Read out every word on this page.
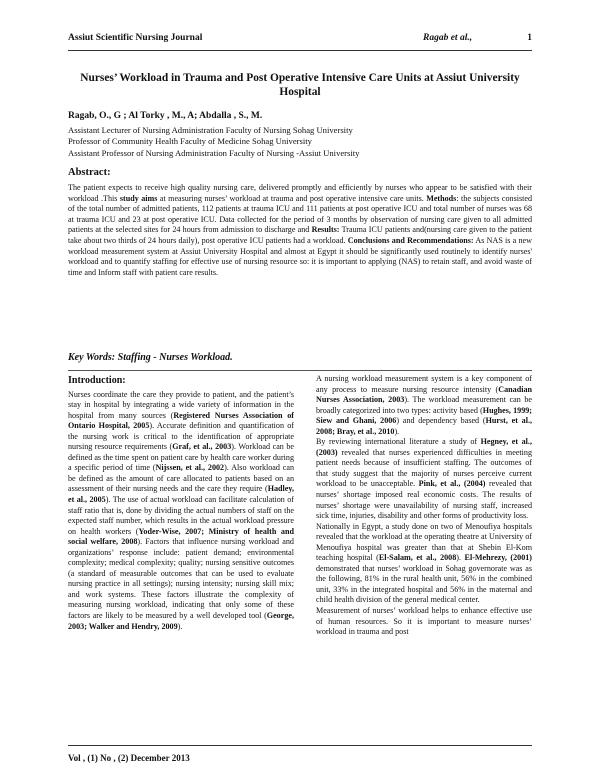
Assiut Scientific Nursing Journal	Ragab et al.,	1
Nurses’ Workload in Trauma and Post Operative Intensive Care Units at Assiut University Hospital
Ragab, O., G ; Al Torky , M., A; Abdalla , S., M.
Assistant Lecturer of Nursing Administration Faculty of Nursing Sohag University
Professor of Community Health Faculty of Medicine Sohag University
Assistant Professor of Nursing Administration Faculty of Nursing -Assiut University
Abstract:
The patient expects to receive high quality nursing care, delivered promptly and efficiently by nurses who appear to be satisfied with their workload .This study aims at measuring nurses’ workload at trauma and post operative intensive care units. Methods: the subjects consisted of the total number of admitted patients, 112 patients at trauma ICU and 111 patients at post operative ICU and total number of nurses was 68 at trauma ICU and 23 at post operative ICU. Data collected for the period of 3 months by observation of nursing care given to all admitted patients at the selected sites for 24 hours from admission to discharge and Results: Trauma ICU patients and(nursing care given to the patient take about two thirds of 24 hours daily), post operative ICU patients had a workload. Conclusions and Recommendations: As NAS is a new workload measurement system at Assiut University Hospital and almost at Egypt it should be significantly used routinely to identify nurses' workload and to quantify staffing for effective use of nursing resource so: it is important to applying (NAS) to retain staff, and avoid waste of time and Inform staff with patient care results.
Key Words: Staffing - Nurses Workload.
Introduction:

Nurses coordinate the care they provide to patient, and the patient’s stay in hospital by integrating a wide variety of information in the hospital from many sources (Registered Nurses Association of Ontario Hospital, 2005). Accurate definition and quantification of the nursing work is critical to the identification of appropriate nursing resource requirements (Graf, et al., 2003). Workload can be defined as the time spent on patient care by health care worker during a specific period of time (Nijssen, et al., 2002). Also workload can be defined as the amount of care allocated to patients based on an assessment of their nursing needs and the care they require (Hadley, et al., 2005). The use of actual workload can facilitate calculation of staff ratio that is, done by dividing the actual numbers of staff on the expected staff number, which results in the actual workload pressure on health workers (Yoder-Wise, 2007; Ministry of health and social welfare, 2008). Factors that influence nursing workload and organizations’ response include: patient demand; environmental complexity; medical complexity; quality; nursing sensitive outcomes (a standard of measurable outcomes that can be used to evaluate nursing practice in all settings); nursing intensity; nursing skill mix; and work systems. These factors illustrate the complexity of measuring nursing workload, indicating that only some of these factors are likely to be measured by a well developed tool (George, 2003; Walker and Hendry, 2009).

A nursing workload measurement system is a key component of any process to measure nursing resource intensity (Canadian Nurses Association, 2003). The workload measurement can be broadly categorized into two types: activity based (Hughes, 1999; Siew and Ghani, 2006) and dependency based (Hurst, et al., 2008; Bray, et al., 2010).

By reviewing international literature a study of Hegney, et al., (2003) revealed that nurses experienced difficulties in meeting patient needs because of insufficient staffing. The outcomes of that study suggest that the majority of nurses perceive current workload to be unacceptable. Pink, et al., (2004) revealed that nurses’ shortage imposed real economic costs. The results of nurses’ shortage were unavailability of nursing staff, increased sick time, injuries, disability and other forms of productivity loss.

Nationally in Egypt, a study done on two of Menoufiya hospitals revealed that the workload at the operating theatre at University of Menoufiya hospital was greater than that at Shebin El-Kom teaching hospital (El-Salam, et al., 2008). El-Mehrezy, (2001) demonstrated that nurses’ workload in Sohag governorate was as the following, 81% in the rural health unit, 56% in the combined unit, 33% in the integrated hospital and 56% in the maternal and child health division of the general medical center.

Measurement of nurses’ workload helps to enhance effective use of human resources. So it is important to measure nurses’ workload in trauma and post

Vol , (1) No , (2) December 2013
